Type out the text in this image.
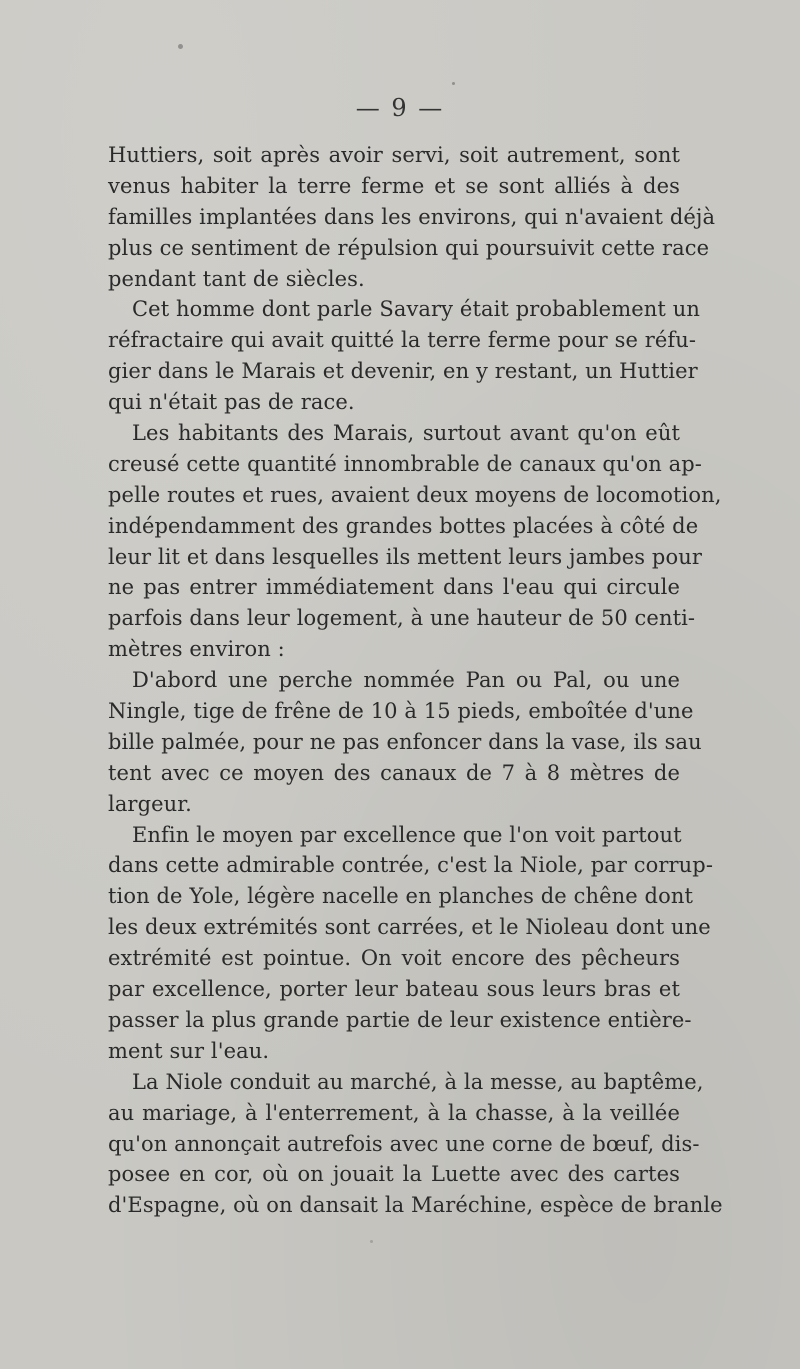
— 9 —
Huttiers, soit après avoir servi, soit autrement, sont
venus habiter la terre ferme et se sont alliés à des
familles implantées dans les environs, qui n'avaient déjà
plus ce sentiment de répulsion qui poursuivit cette race
pendant tant de siècles.
Cet homme dont parle Savary était probablement un
réfractaire qui avait quitté la terre ferme pour se réfu-
gier dans le Marais et devenir, en y restant, un Huttier
qui n'était pas de race.
Les habitants des Marais, surtout avant qu'on eût
creusé cette quantité innombrable de canaux qu'on ap-
pelle routes et rues, avaient deux moyens de locomotion,
indépendamment des grandes bottes placées à côté de
leur lit et dans lesquelles ils mettent leurs jambes pour
ne pas entrer immédiatement dans l'eau qui circule
parfois dans leur logement, à une hauteur de 50 centi-
mètres environ :
D'abord une perche nommée Pan ou Pal, ou une
Ningle, tige de frêne de 10 à 15 pieds, emboîtée d'une
bille palmée, pour ne pas enfoncer dans la vase, ils sau
tent avec ce moyen des canaux de 7 à 8 mètres de
largeur.
Enfin le moyen par excellence que l'on voit partout
dans cette admirable contrée, c'est la Niole, par corrup-
tion de Yole, légère nacelle en planches de chêne dont
les deux extrémités sont carrées, et le Nioleau dont une
extrémité est pointue. On voit encore des pêcheurs
par excellence, porter leur bateau sous leurs bras et
passer la plus grande partie de leur existence entière-
ment sur l'eau.
La Niole conduit au marché, à la messe, au baptême,
au mariage, à l'enterrement, à la chasse, à la veillée
qu'on annonçait autrefois avec une corne de bœuf, dis-
posee en cor, où on jouait la Luette avec des cartes
d'Espagne, où on dansait la Maréchine, espèce de branle
